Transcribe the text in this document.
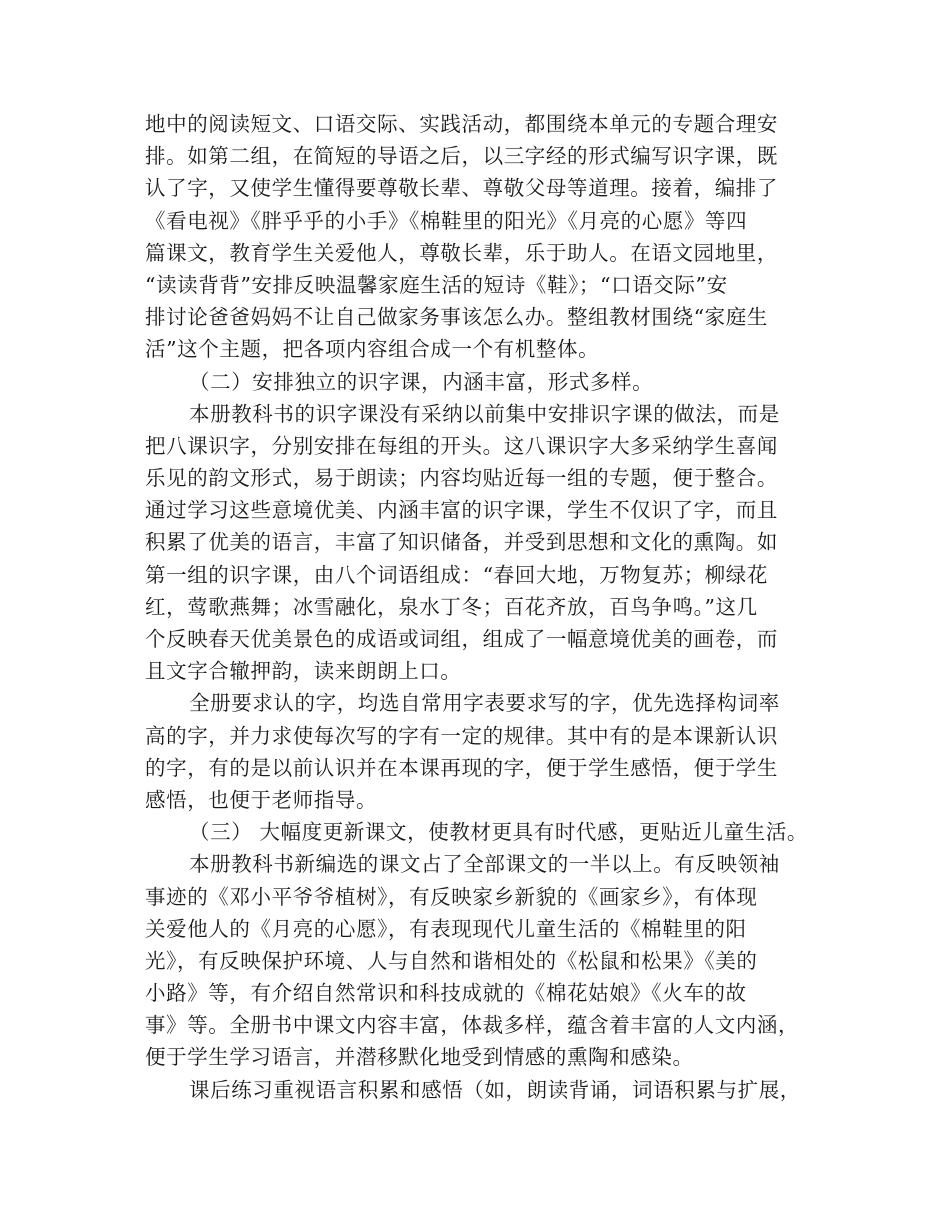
地中的阅读短文、口语交际、实践活动，都围绕本单元的专题合理安
排。如第二组，在简短的导语之后，以三字经的形式编写识字课，既
认了字，又使学生懂得要尊敬长辈、尊敬父母等道理。接着，编排了
《看电视》《胖乎乎的小手》《棉鞋里的阳光》《月亮的心愿》等四
篇课文，教育学生关爱他人，尊敬长辈，乐于助人。在语文园地里，
“读读背背”安排反映温馨家庭生活的短诗《鞋》；“口语交际”安
排讨论爸爸妈妈不让自己做家务事该怎么办。整组教材围绕“家庭生
活”这个主题，把各项内容组合成一个有机整体。
（二）安排独立的识字课，内涵丰富，形式多样。
本册教科书的识字课没有采纳以前集中安排识字课的做法，而是
把八课识字，分别安排在每组的开头。这八课识字大多采纳学生喜闻
乐见的韵文形式，易于朗读；内容均贴近每一组的专题，便于整合。
通过学习这些意境优美、内涵丰富的识字课，学生不仅识了字，而且
积累了优美的语言，丰富了知识储备，并受到思想和文化的熏陶。如
第一组的识字课，由八个词语组成：“春回大地，万物复苏；柳绿花
红，莺歌燕舞；冰雪融化，泉水丁冬；百花齐放，百鸟争鸣。”这几
个反映春天优美景色的成语或词组，组成了一幅意境优美的画卷，而
且文字合辙押韵，读来朗朗上口。
全册要求认的字，均选自常用字表要求写的字，优先选择构词率
高的字，并力求使每次写的字有一定的规律。其中有的是本课新认识
的字，有的是以前认识并在本课再现的字，便于学生感悟，便于学生
感悟，也便于老师指导。
（三） 大幅度更新课文，使教材更具有时代感，更贴近儿童生活。
本册教科书新编选的课文占了全部课文的一半以上。有反映领袖
事迹的《邓小平爷爷植树》，有反映家乡新貌的《画家乡》，有体现
关爱他人的《月亮的心愿》，有表现现代儿童生活的《棉鞋里的阳
光》，有反映保护环境、人与自然和谐相处的《松鼠和松果》《美的
小路》等，有介绍自然常识和科技成就的《棉花姑娘》《火车的故
事》等。全册书中课文内容丰富，体裁多样，蕴含着丰富的人文内涵，
便于学生学习语言，并潜移默化地受到情感的熏陶和感染。
课后练习重视语言积累和感悟（如，朗读背诵，词语积累与扩展，
